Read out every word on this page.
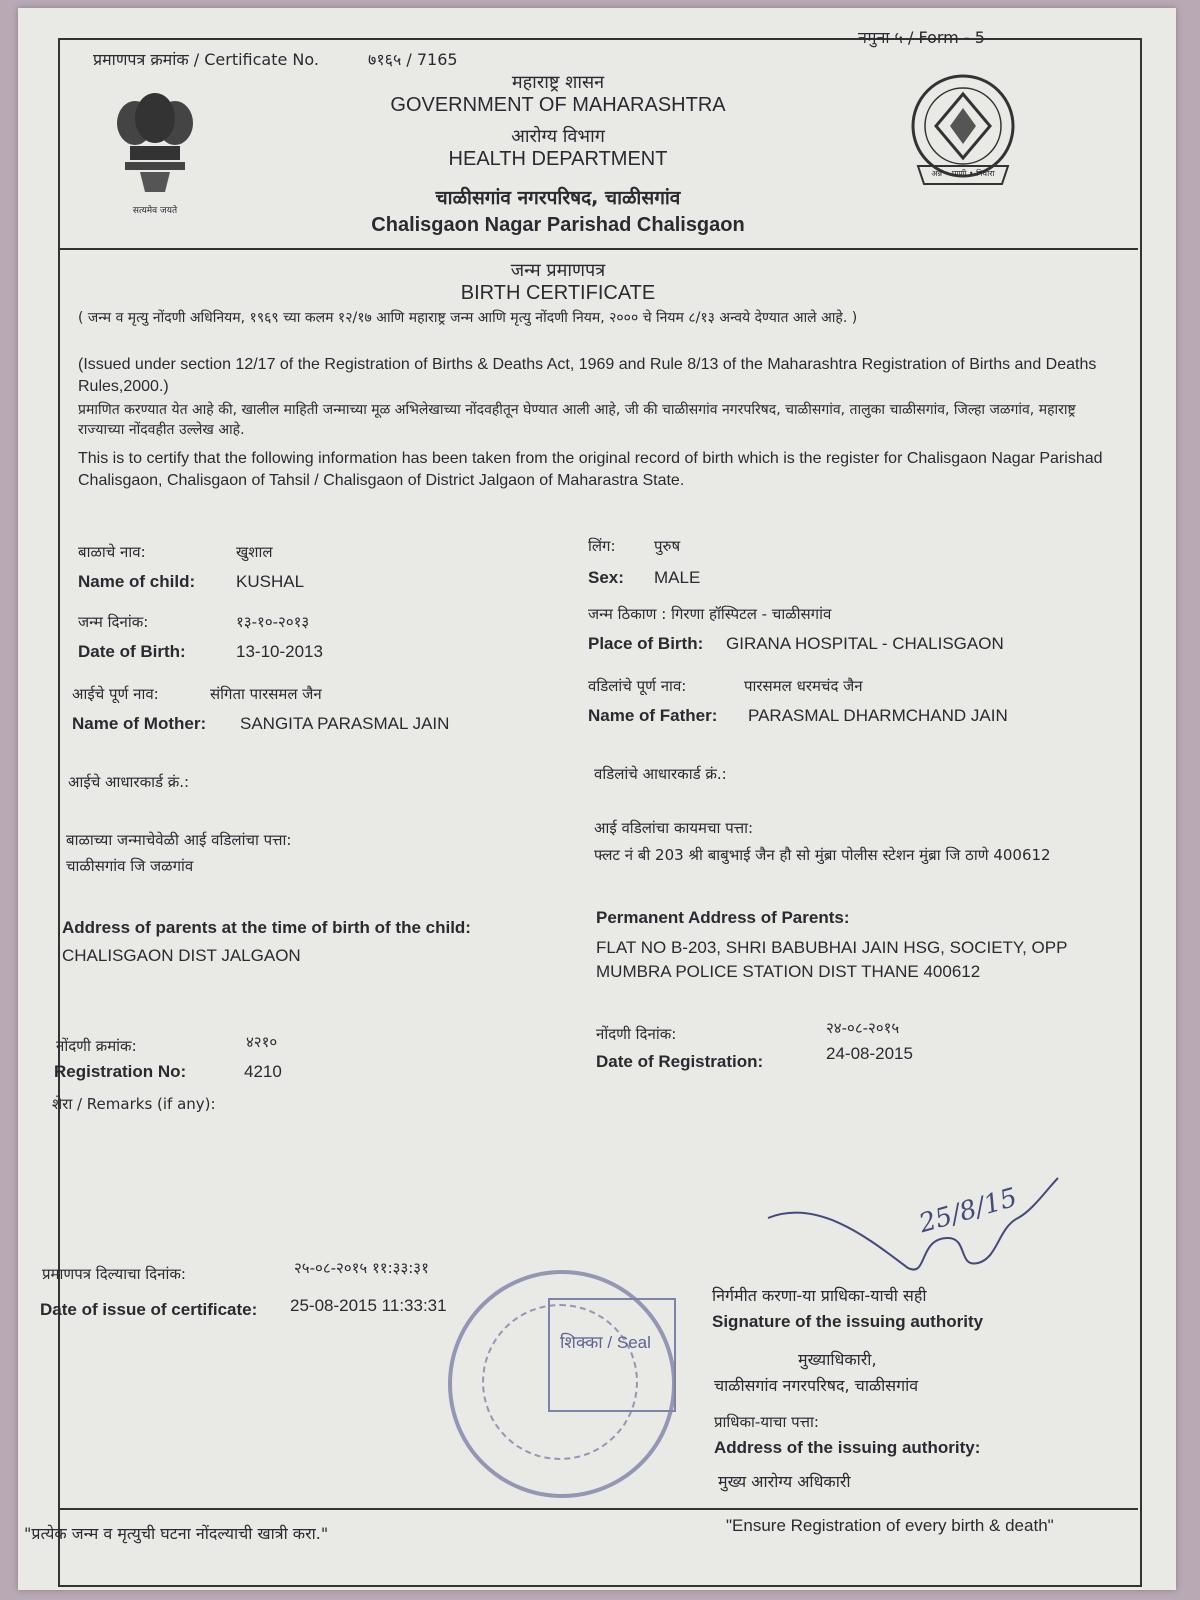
प्रमाणपत्र क्रमांक / Certificate No.	७१६५ / 7165
नमुना ५ / Form - 5
सत्यमेव जयते
अन्न • पाणी • निवारा
महाराष्ट्र शासन
GOVERNMENT OF MAHARASHTRA
आरोग्य विभाग
HEALTH DEPARTMENT
चाळीसगांव नगरपरिषद, चाळीसगांव
Chalisgaon Nagar Parishad Chalisgaon
जन्म प्रमाणपत्र
BIRTH CERTIFICATE
( जन्म व मृत्यु नोंदणी अधिनियम, १९६९ च्या कलम १२/१७ आणि महाराष्ट्र जन्म आणि मृत्यु नोंदणी नियम, २००० चे नियम ८/१३ अन्वये देण्यात आले आहे. )
(Issued under section 12/17 of the Registration of Births & Deaths Act, 1969 and Rule 8/13 of the Maharashtra Registration of Births and Deaths Rules,2000.)
प्रमाणित करण्यात येत आहे की, खालील माहिती जन्माच्या मूळ अभिलेखाच्या नोंदवहीतून घेण्यात आली आहे, जी की चाळीसगांव नगरपरिषद, चाळीसगांव, तालुका चाळीसगांव, जिल्हा जळगांव, महाराष्ट्र राज्याच्या नोंदवहीत उल्लेख आहे.
This is to certify that the following information has been taken from the original record of birth which is the register for Chalisgaon Nagar Parishad Chalisgaon, Chalisgaon of Tahsil / Chalisgaon of District Jalgaon of Maharastra State.
बाळाचे नाव:	खुशाल
Name of child: KUSHAL
लिंग:	पुरुष
Sex: MALE
जन्म दिनांक:	१३-१०-२०१३
Date of Birth:	13-10-2013
जन्म ठिकाण : गिरणा हॉस्पिटल - चाळीसगांव
Place of Birth: GIRANA HOSPITAL - CHALISGAON
आईचे पूर्ण नाव:	संगिता पारसमल जैन
Name of Mother: SANGITA PARASMAL JAIN
वडिलांचे पूर्ण नाव:	पारसमल धरमचंद जैन
Name of Father: PARASMAL DHARMCHAND JAIN
आईचे आधारकार्ड क्रं.:	वडिलांचे आधारकार्ड क्रं.:
बाळाच्या जन्माचेवेळी आई वडिलांचा पत्ता:
चाळीसगांव जि जळगांव
आई वडिलांचा कायमचा पत्ता:
फ्लट नं बी 203 श्री बाबुभाई जैन हौ सो मुंब्रा पोलीस स्टेशन मुंब्रा जि ठाणे 400612
Address of parents at the time of birth of the child:
CHALISGAON DIST JALGAON
Permanent Address of Parents:
FLAT NO B-203, SHRI BABUBHAI JAIN HSG, SOCIETY, OPP MUMBRA POLICE STATION DIST THANE 400612
नोंदणी क्रमांक:	४२१०
Registration No:	4210
नोंदणी दिनांक:	२४-०८-२०१५
Date of Registration:	24-08-2015
शेरा / Remarks (if any):
प्रमाणपत्र दिल्याचा दिनांक:	२५-०८-२०१५ ११:३३:३१
Date of issue of certificate: 25-08-2015 11:33:31
शिक्का / Seal
25/8/15
निर्गमीत करणा-या प्राधिका-याची सही
Signature of the issuing authority
मुख्याधिकारी,
चाळीसगांव नगरपरिषद, चाळीसगांव
प्राधिका-याचा पत्ता:
Address of the issuing authority:
मुख्य आरोग्य अधिकारी
"प्रत्येक जन्म व मृत्युची घटना नोंदल्याची खात्री करा."	"Ensure Registration of every birth & death"
